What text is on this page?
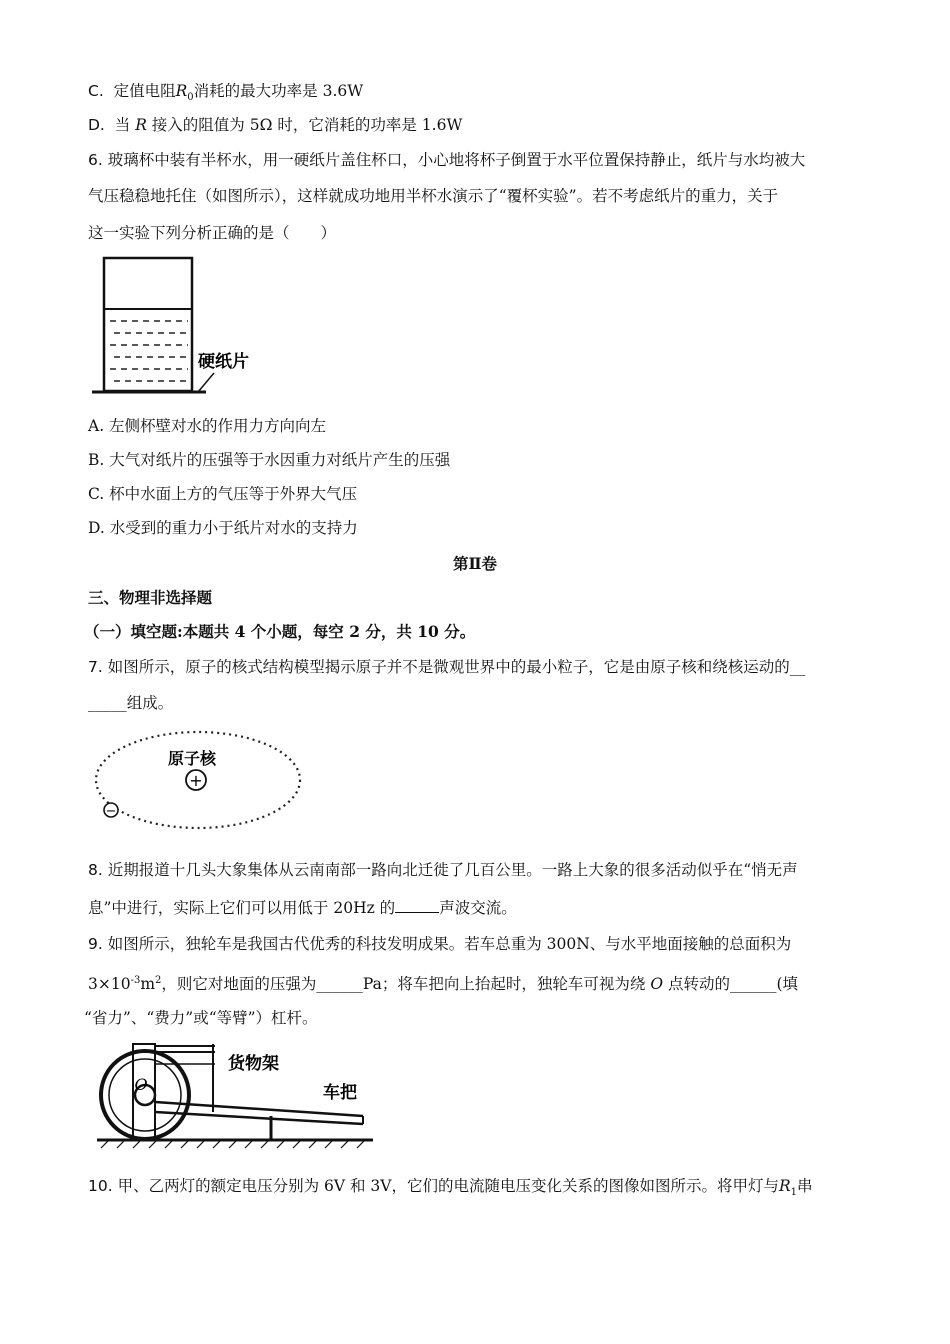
C. 定值电阻$R_0$消耗的最大功率是 3.6W
D. 当 R 接入的阻值为 5Ω 时，它消耗的功率是 1.6W
6. 玻璃杯中装有半杯水，用一硬纸片盖住杯口，小心地将杯子倒置于水平位置保持静止，纸片与水均被大
气压稳稳地托住（如图所示），这样就成功地用半杯水演示了“覆杯实验”。若不考虑纸片的重力，关于
这一实验下列分析正确的是（　　）
硬纸片
A. 左侧杯壁对水的作用力方向向左
B. 大气对纸片的压强等于水因重力对纸片产生的压强
C. 杯中水面上方的气压等于外界大气压
D. 水受到的重力小于纸片对水的支持力
第Ⅱ卷
三、物理非选择题
（一）填空题:本题共 4 个小题，每空 2 分，共 10 分。
7. 如图所示，原子的核式结构模型揭示原子并不是微观世界中的最小粒子，它是由原子核和绕核运动的__
_____组成。
原子核
+
−
8. 近期报道十几头大象集体从云南南部一路向北迁徙了几百公里。一路上大象的很多活动似乎在“悄无声
息”中进行，实际上它们可以用低于 20Hz 的	声波交流。
9. 如图所示，独轮车是我国古代优秀的科技发明成果。若车总重为 300N、与水平地面接触的总面积为
$3\times 10^{-3}m^2$，则它对地面的压强为______Pa；将车把向上抬起时，独轮车可视为绕 O 点转动的______(填
“省力”、“费力”或“等臂”）杠杆。
O
货物架
车把
10. 甲、乙两灯的额定电压分别为 6V 和 3V，它们的电流随电压变化关系的图像如图所示。将甲灯与$R_1$串
